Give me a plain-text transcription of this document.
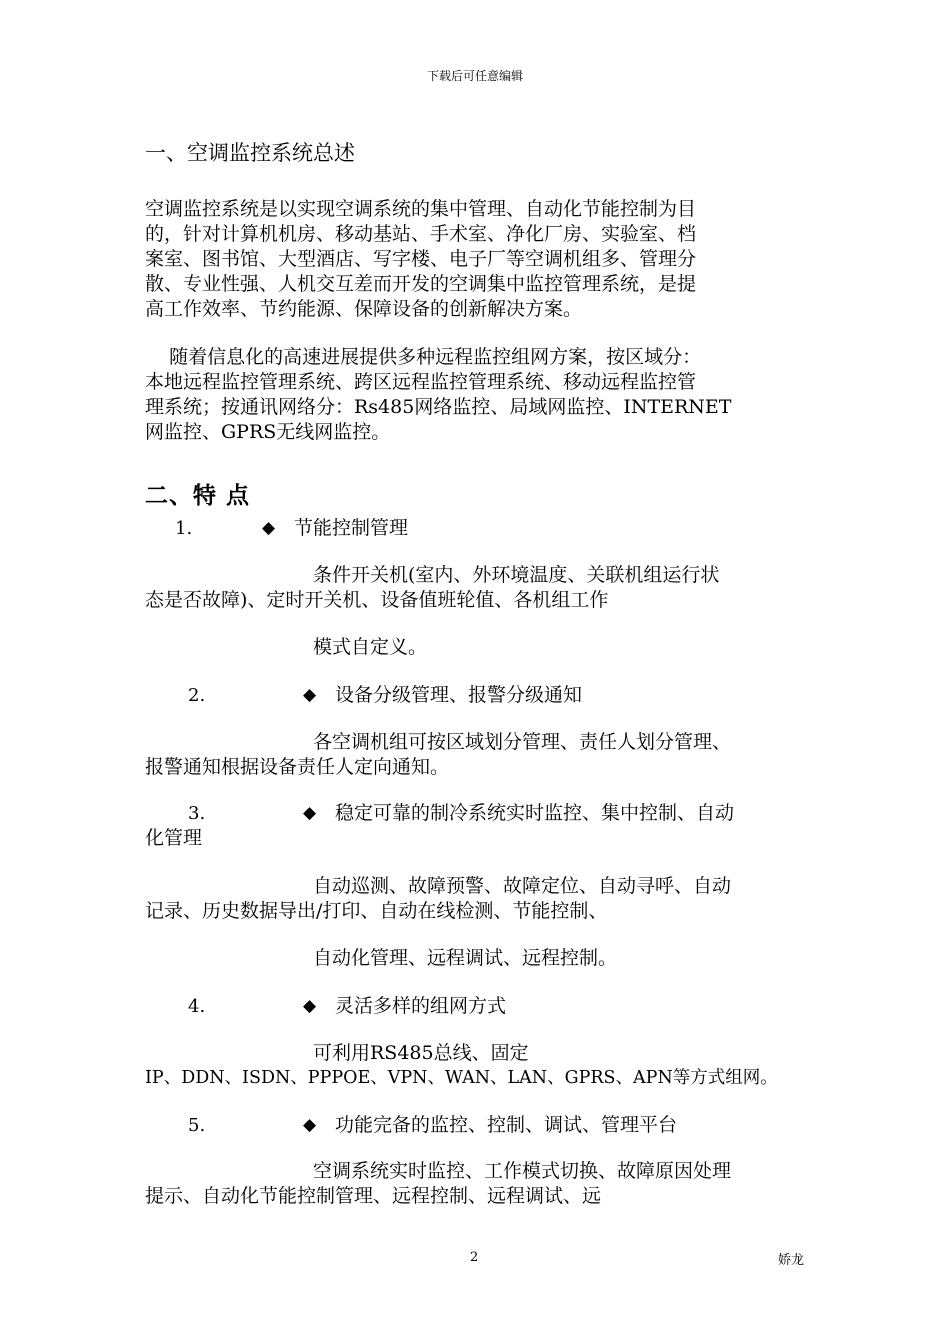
下载后可任意编辑
一、空调监控系统总述
空调监控系统是以实现空调系统的集中管理、自动化节能控制为目
的，针对计算机机房、移动基站、手术室、净化厂房、实验室、档
案室、图书馆、大型酒店、写字楼、电子厂等空调机组多、管理分
散、专业性强、人机交互差而开发的空调集中监控管理系统，是提
高工作效率、节约能源、保障设备的创新解决方案。
随着信息化的高速进展提供多种远程监控组网方案，按区域分：
本地远程监控管理系统、跨区远程监控管理系统、移动远程监控管
理系统；按通讯网络分：Rs485网络监控、局域网监控、INTERNET
网监控、GPRS无线网监控。
二、特 点
1.	◆ 节能控制管理
条件开关机(室内、外环境温度、关联机组运行状
态是否故障)、定时开关机、设备值班轮值、各机组工作
模式自定义。
2.	◆ 设备分级管理、报警分级通知
各空调机组可按区域划分管理、责任人划分管理、
报警通知根据设备责任人定向通知。
3.	◆ 稳定可靠的制冷系统实时监控、集中控制、自动
化管理
自动巡测、故障预警、故障定位、自动寻呼、自动
记录、历史数据导出/打印、自动在线检测、节能控制、
自动化管理、远程调试、远程控制。
4.	◆ 灵活多样的组网方式
可利用RS485总线、固定
IP、DDN、ISDN、PPPOE、VPN、WAN、LAN、GPRS、APN等方式组网。
5.	◆ 功能完备的监控、控制、调试、管理平台
空调系统实时监控、工作模式切换、故障原因处理
提示、自动化节能控制管理、远程控制、远程调试、远
2	娇龙
